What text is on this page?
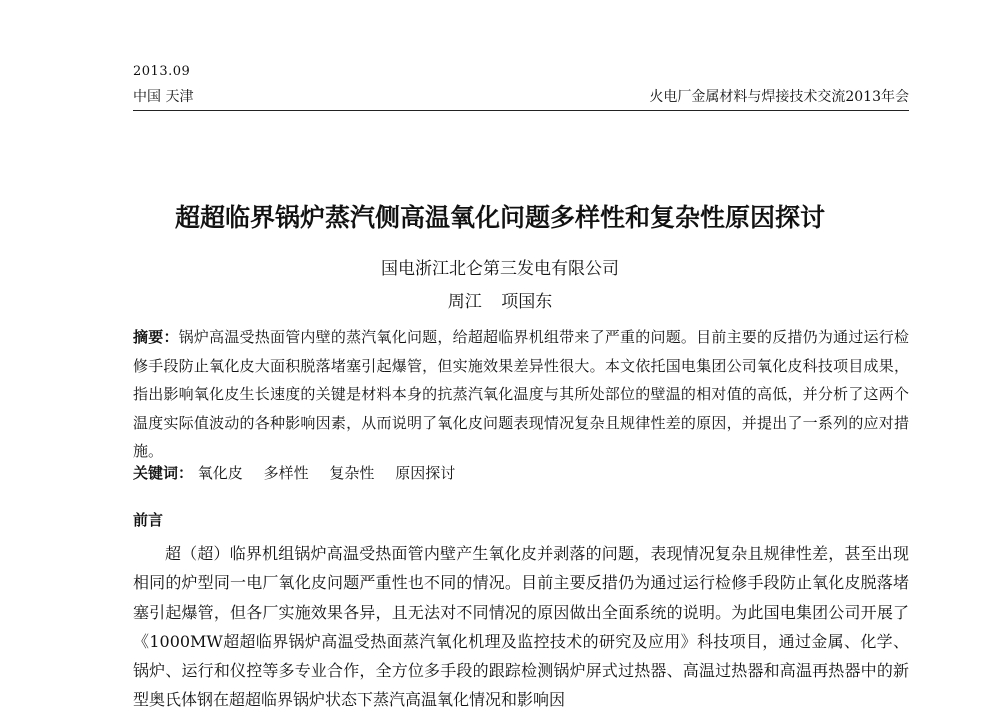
2013.09
中国 天津	火电厂金属材料与焊接技术交流2013年会
超超临界锅炉蒸汽侧高温氧化问题多样性和复杂性原因探讨
国电浙江北仑第三发电有限公司
周江 项国东
摘要：锅炉高温受热面管内壁的蒸汽氧化问题，给超超临界机组带来了严重的问题。目前主要的反措仍为通过运行检修手段防止氧化皮大面积脱落堵塞引起爆管，但实施效果差异性很大。本文依托国电集团公司氧化皮科技项目成果，指出影响氧化皮生长速度的关键是材料本身的抗蒸汽氧化温度与其所处部位的壁温的相对值的高低，并分析了这两个温度实际值波动的各种影响因素，从而说明了氧化皮问题表现情况复杂且规律性差的原因，并提出了一系列的应对措施。
关键词： 氧化皮 多样性 复杂性 原因探讨
前言
超（超）临界机组锅炉高温受热面管内壁产生氧化皮并剥落的问题，表现情况复杂且规律性差，甚至出现相同的炉型同一电厂氧化皮问题严重性也不同的情况。目前主要反措仍为通过运行检修手段防止氧化皮脱落堵塞引起爆管，但各厂实施效果各异，且无法对不同情况的原因做出全面系统的说明。为此国电集团公司开展了《1000MW超超临界锅炉高温受热面蒸汽氧化机理及监控技术的研究及应用》科技项目，通过金属、化学、锅炉、运行和仪控等多专业合作，全方位多手段的跟踪检测锅炉屏式过热器、高温过热器和高温再热器中的新型奥氏体钢在超超临界锅炉状态下蒸汽高温氧化情况和影响因
